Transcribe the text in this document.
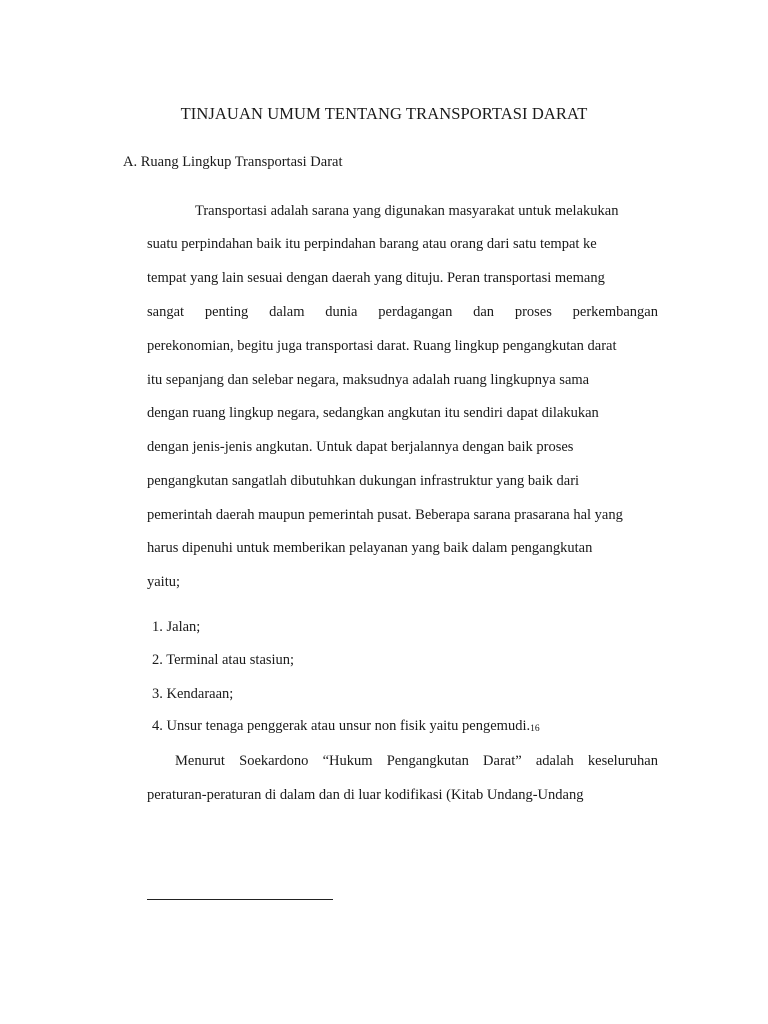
TINJAUAN UMUM TENTANG TRANSPORTASI DARAT
A. Ruang Lingkup Transportasi Darat
Transportasi adalah sarana yang digunakan masyarakat untuk melakukan
suatu perpindahan baik itu perpindahan barang atau orang dari satu tempat ke
tempat yang lain sesuai dengan daerah yang dituju. Peran transportasi memang
sangat penting dalam dunia perdagangan dan proses perkembangan
perekonomian, begitu juga transportasi darat. Ruang lingkup pengangkutan darat
itu sepanjang dan selebar negara, maksudnya adalah ruang lingkupnya sama
dengan ruang lingkup negara, sedangkan angkutan itu sendiri dapat dilakukan
dengan jenis-jenis angkutan. Untuk dapat berjalannya dengan baik proses
pengangkutan sangatlah dibutuhkan dukungan infrastruktur yang baik dari
pemerintah daerah maupun pemerintah pusat. Beberapa sarana prasarana hal yang
harus dipenuhi untuk memberikan pelayanan yang baik dalam pengangkutan
yaitu;
1. Jalan;
2. Terminal atau stasiun;
3. Kendaraan;
4. Unsur tenaga penggerak atau unsur non fisik yaitu pengemudi.16
Menurut Soekardono “Hukum Pengangkutan Darat” adalah keseluruhan
peraturan-peraturan di dalam dan di luar kodifikasi (Kitab Undang-Undang
